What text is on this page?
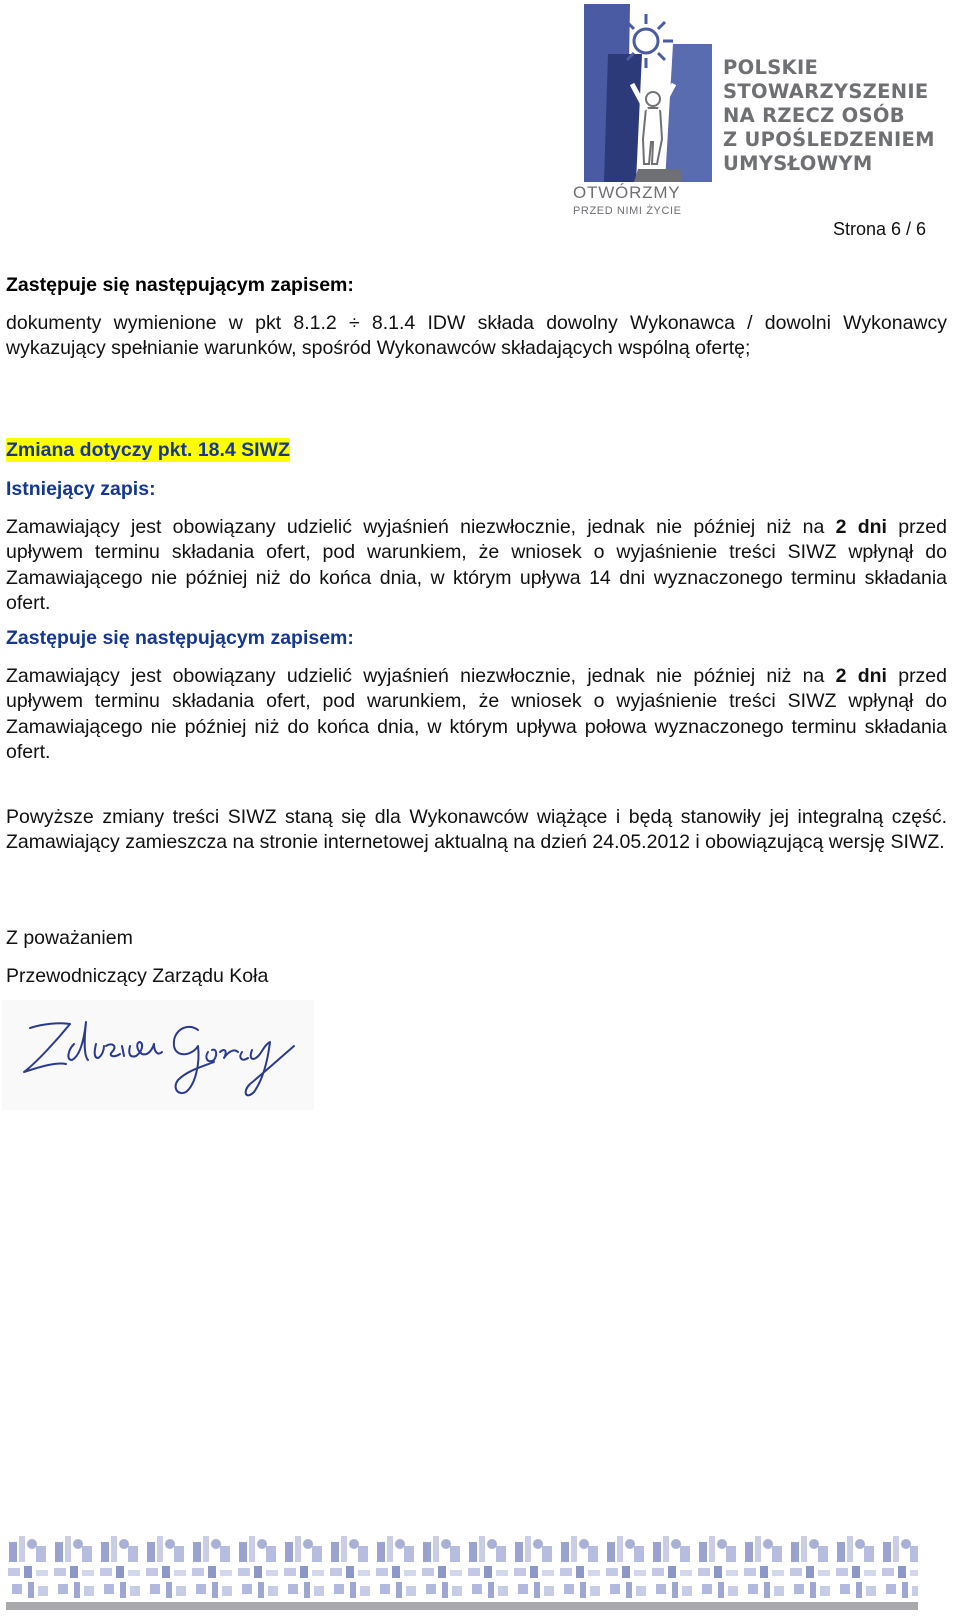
POLSKIE
STOWARZYSZENIE
NA RZECZ OSÓB
Z UPOŚLEDZENIEM
UMYSŁOWYM
OTWÓRZMY
PRZED NIMI ŻYCIE
Strona 6 / 6
Zastępuje się następującym zapisem:
dokumenty wymienione w pkt 8.1.2 ÷ 8.1.4 IDW składa dowolny Wykonawca / dowolni Wykonawcy wykazujący spełnianie warunków, spośród Wykonawców składających wspólną ofertę;
Zmiana dotyczy pkt. 18.4 SIWZ
Istniejący zapis:
Zamawiający jest obowiązany udzielić wyjaśnień niezwłocznie, jednak nie później niż na 2 dni przed upływem terminu składania ofert, pod warunkiem, że wniosek o wyjaśnienie treści SIWZ wpłynął do Zamawiającego nie później niż do końca dnia, w którym upływa 14 dni wyznaczonego terminu składania ofert.
Zastępuje się następującym zapisem:
Zamawiający jest obowiązany udzielić wyjaśnień niezwłocznie, jednak nie później niż na 2 dni przed upływem terminu składania ofert, pod warunkiem, że wniosek o wyjaśnienie treści SIWZ wpłynął do Zamawiającego nie później niż do końca dnia, w którym upływa połowa wyznaczonego terminu składania ofert.
Powyższe zmiany treści SIWZ staną się dla Wykonawców wiążące i będą stanowiły jej integralną część. Zamawiający zamieszcza na stronie internetowej aktualną na dzień 24.05.2012 i obowiązującą wersję SIWZ.
Z poważaniem
Przewodniczący Zarządu Koła
